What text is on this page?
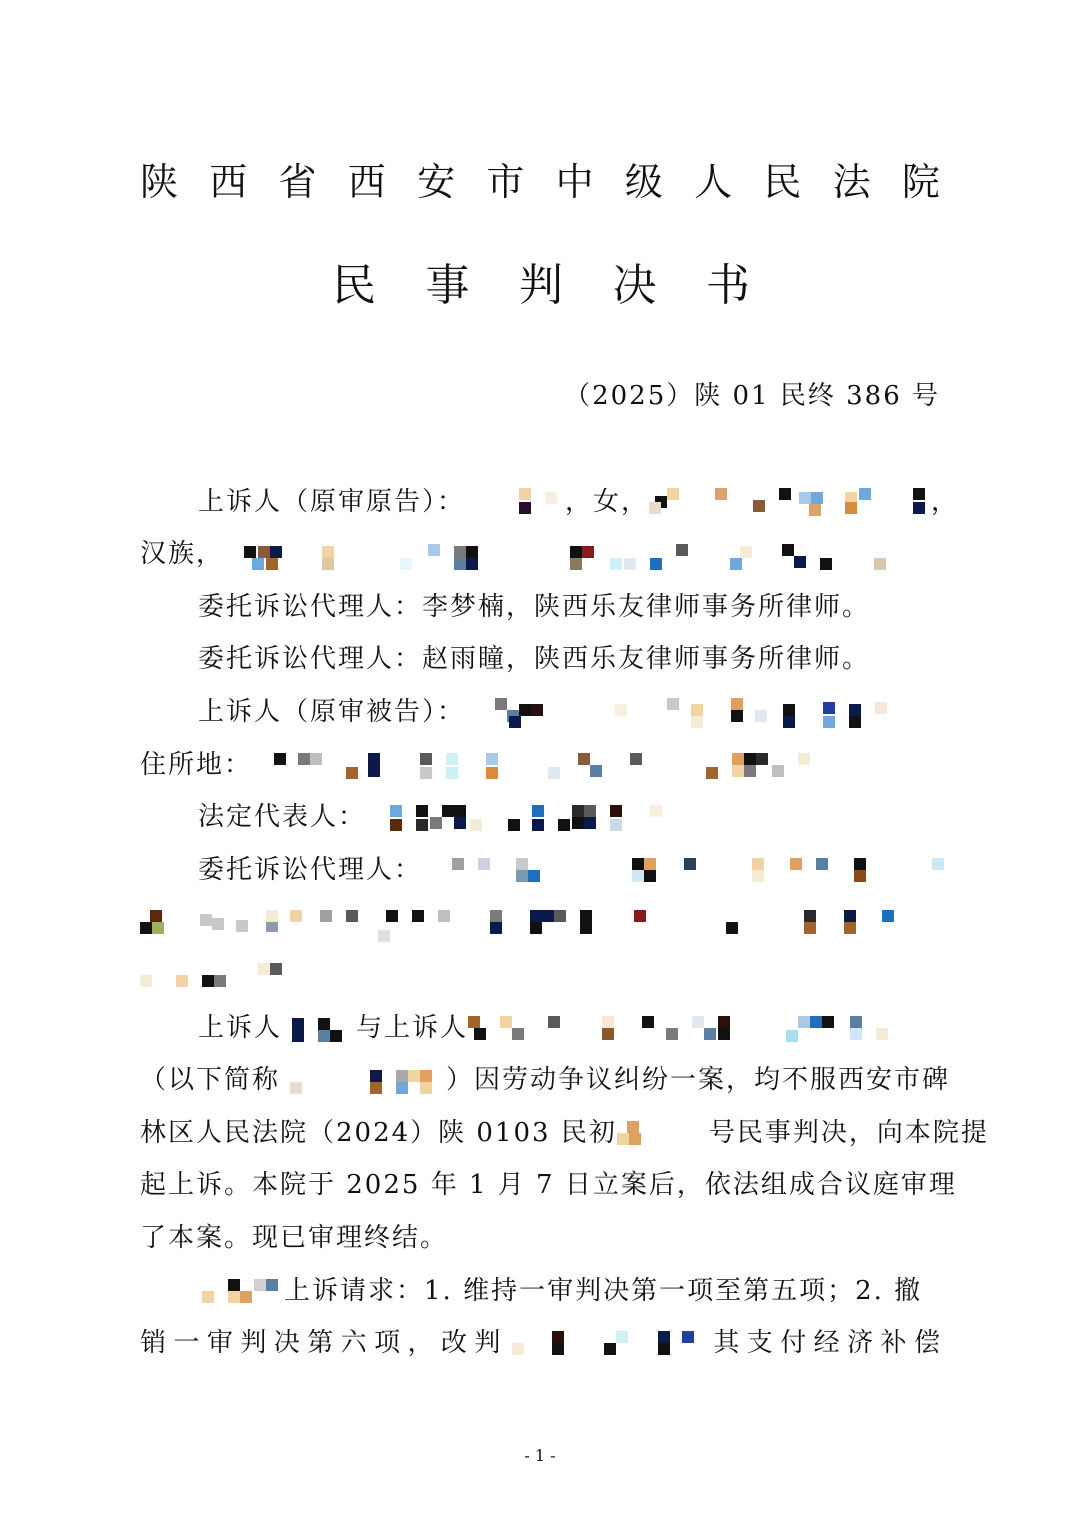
陕 西 省 西 安 市 中 级 人 民 法 院
民 事 判 决 书
（2025）陕 01 民终 386 号
上诉人（原审原告）：	，女，	，
汉族，
委托诉讼代理人：李梦楠，陕西乐友律师事务所律师。
委托诉讼代理人：赵雨瞳，陕西乐友律师事务所律师。
上诉人（原审被告）：
住所地：
法定代表人：
委托诉讼代理人：
上诉人	与上诉人
（以下简称	）因劳动争议纠纷一案，均不服西安市碑
林区人民法院（2024）陕 0103 民初	号民事判决，向本院提
起上诉。本院于 2025 年 1 月 7 日立案后，依法组成合议庭审理
了本案。现已审理终结。
上诉请求：1. 维持一审判决第一项至第五项；2. 撤
销一审判决第六项，改判	其支付经济补偿
- 1 -
